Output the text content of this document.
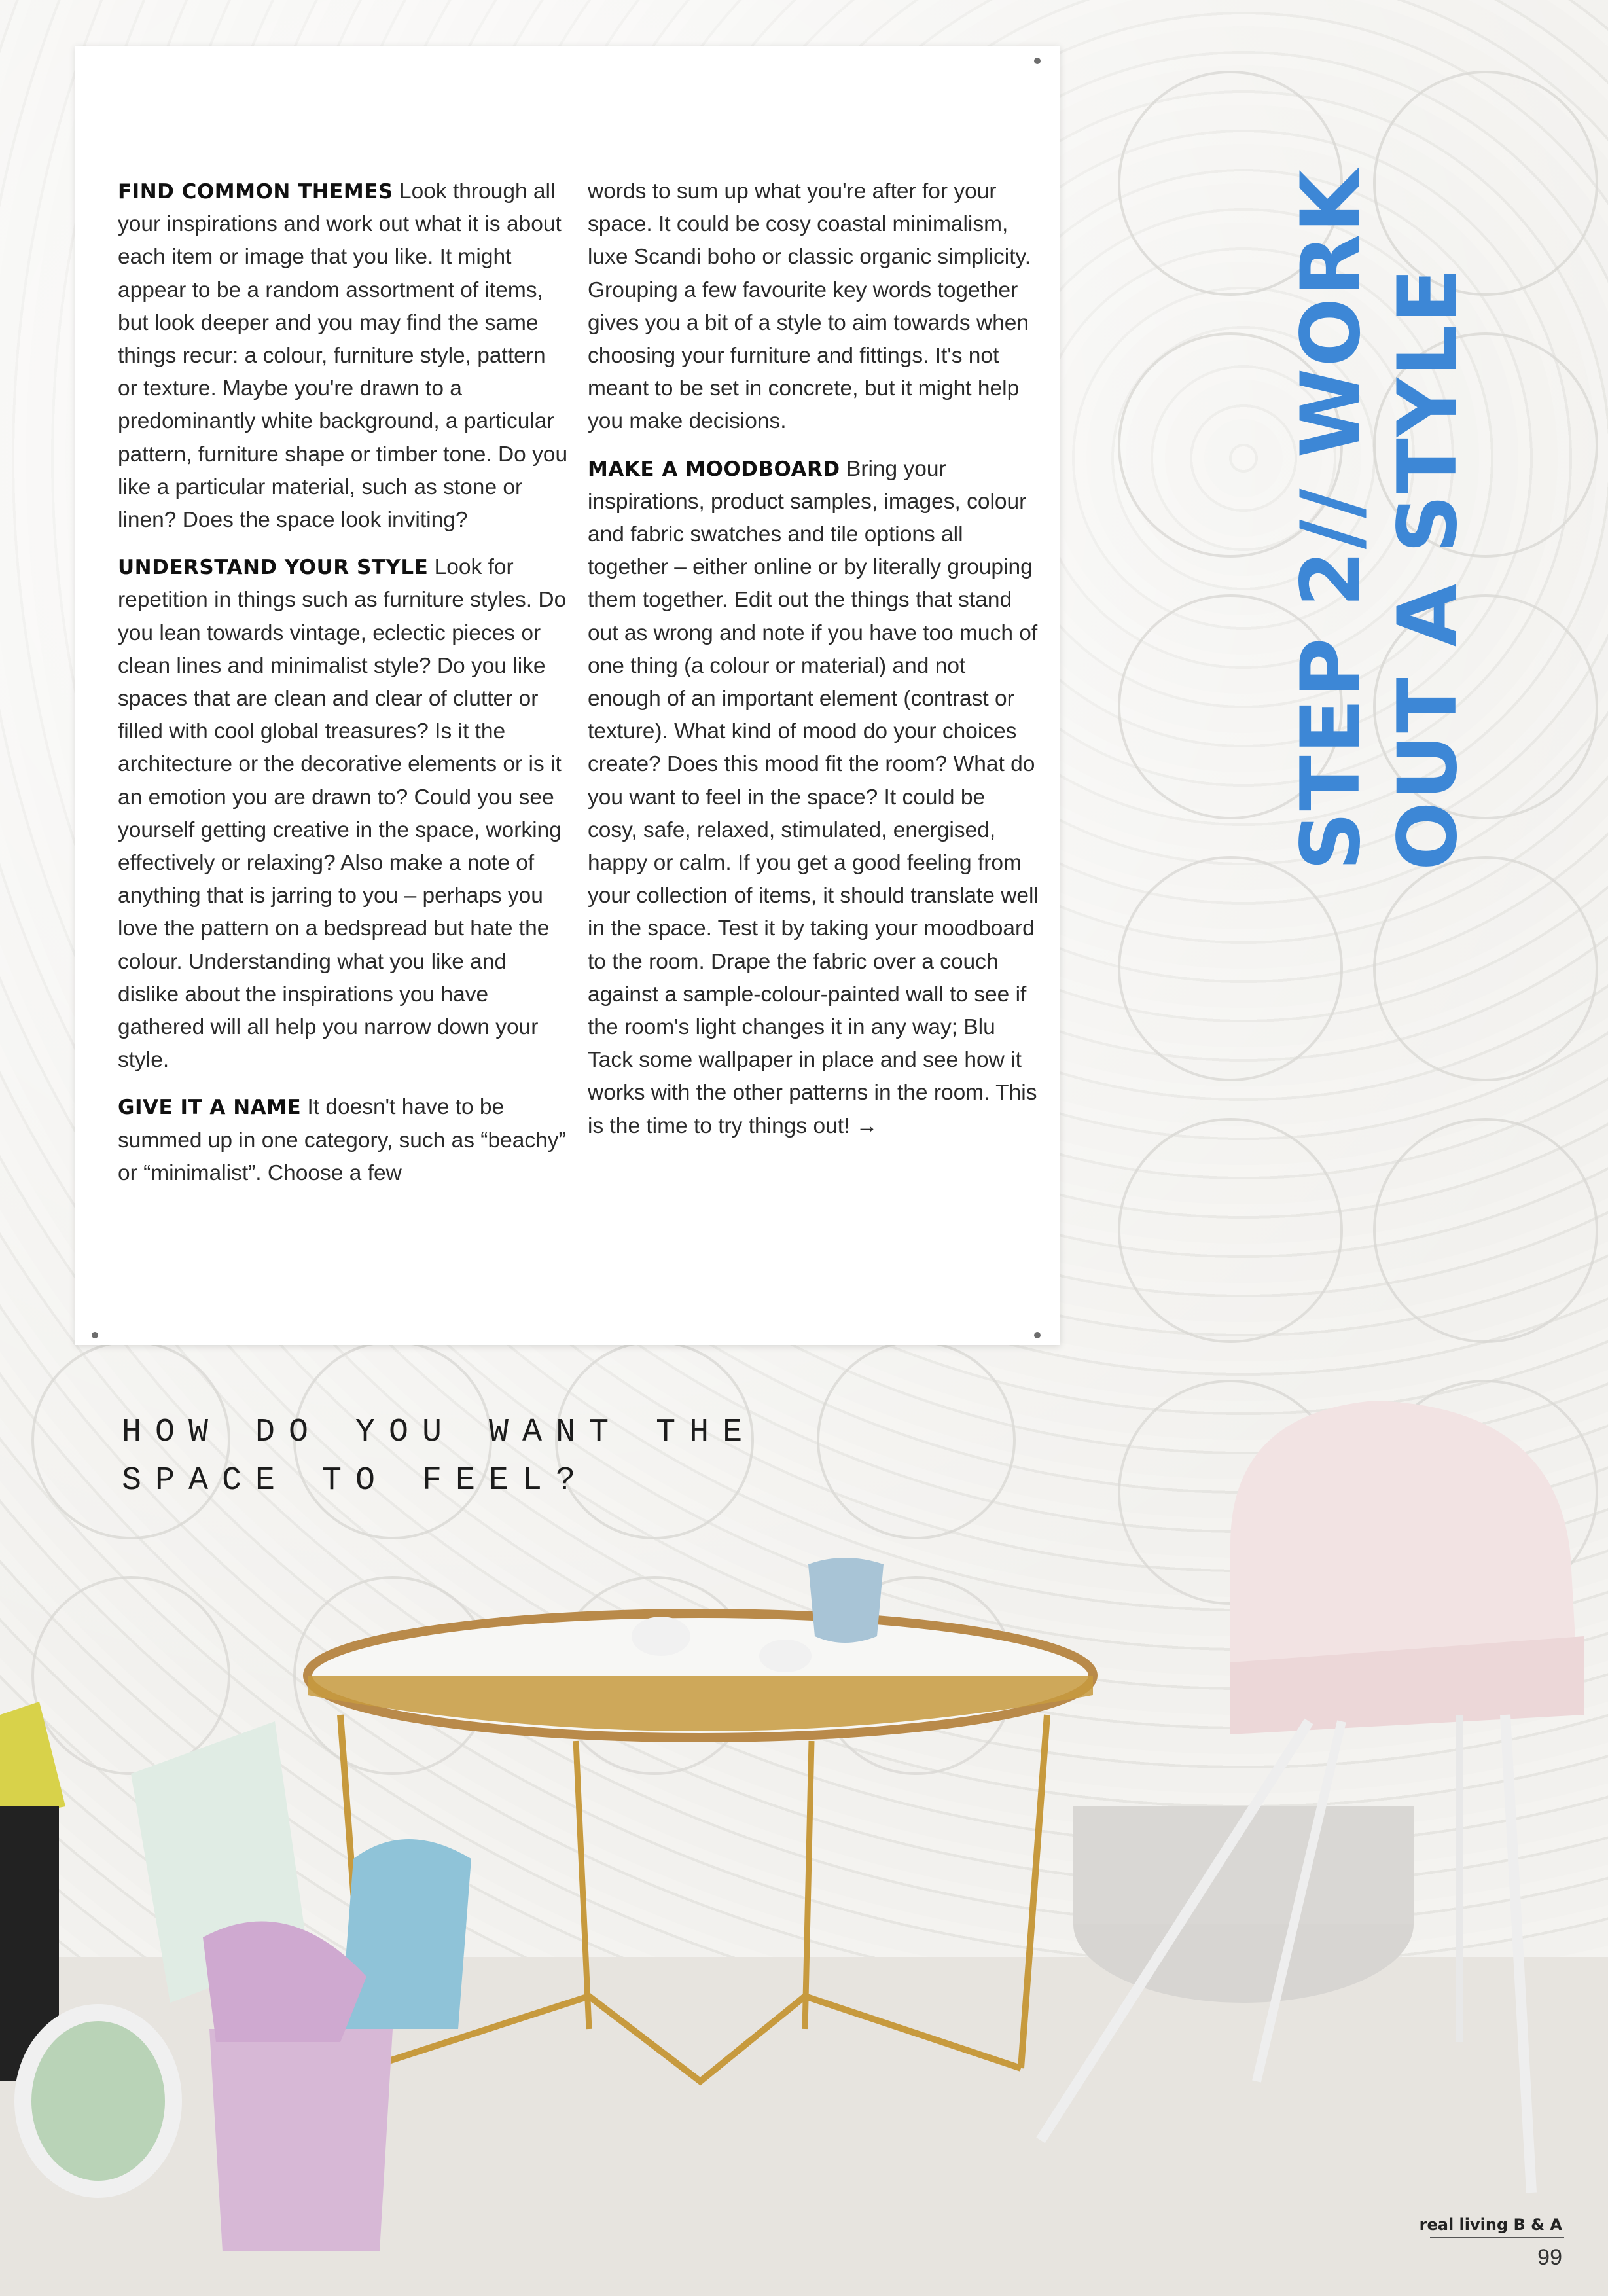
FIND COMMON THEMES Look through all your inspirations and work out what it is about each item or image that you like. It might appear to be a random assortment of items, but look deeper and you may find the same things recur: a colour, furniture style, pattern or texture. Maybe you're drawn to a predominantly white background, a particular pattern, furniture shape or timber tone. Do you like a particular material, such as stone or linen? Does the space look inviting?

UNDERSTAND YOUR STYLE Look for repetition in things such as furniture styles. Do you lean towards vintage, eclectic pieces or clean lines and minimalist style? Do you like spaces that are clean and clear of clutter or filled with cool global treasures? Is it the architecture or the decorative elements or is it an emotion you are drawn to? Could you see yourself getting creative in the space, working effectively or relaxing? Also make a note of anything that is jarring to you – perhaps you love the pattern on a bedspread but hate the colour. Understanding what you like and dislike about the inspirations you have gathered will all help you narrow down your style.

GIVE IT A NAME It doesn't have to be summed up in one category, such as “beachy” or “minimalist”. Choose a few

words to sum up what you're after for your space. It could be cosy coastal minimalism, luxe Scandi boho or classic organic simplicity. Grouping a few favourite key words together gives you a bit of a style to aim towards when choosing your furniture and fittings. It's not meant to be set in concrete, but it might help you make decisions.

MAKE A MOODBOARD Bring your inspirations, product samples, images, colour and fabric swatches and tile options all together – either online or by literally grouping them together. Edit out the things that stand out as wrong and note if you have too much of one thing (a colour or material) and not enough of an important element (contrast or texture). What kind of mood do your choices create? Does this mood fit the room? What do you want to feel in the space? It could be cosy, safe, relaxed, stimulated, energised, happy or calm. If you get a good feeling from your collection of items, it should translate well in the space. Test it by taking your moodboard to the room. Drape the fabric over a couch against a sample-colour-painted wall to see if the room's light changes it in any way; Blu Tack some wallpaper in place and see how it works with the other patterns in the room. This is the time to try things out! →

STEP 2// WORK OUT A STYLE
HOW DO YOU WANT THE
SPACE TO FEEL?
real living B & A
99
